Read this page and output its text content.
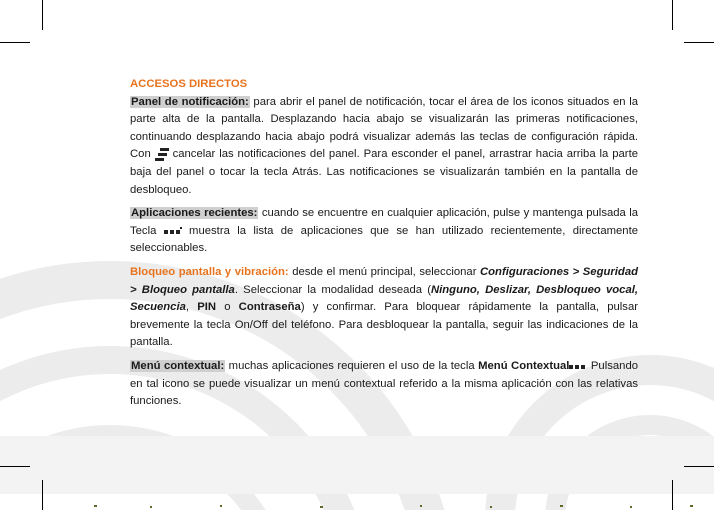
ACCESOS DIRECTOS

Panel de notificación: para abrir el panel de notificación, tocar el área de los iconos situados en la parte alta de la pantalla. Desplazando hacia abajo se visualizarán las primeras notificaciones, continuando desplazando hacia abajo podrá visualizar además las teclas de configuración rápida. Con  cancelar las notificaciones del panel. Para esconder el panel, arrastrar hacia arriba la parte baja del panel o tocar la tecla Atrás. Las notificaciones se visualizarán también en la pantalla de desbloqueo.

Aplicaciones recientes: cuando se encuentre en cualquier aplicación, pulse y mantenga pulsada la Tecla  muestra la lista de aplicaciones que se han utilizado recientemente, directamente seleccionables.

Bloqueo pantalla y vibración: desde el menú principal, seleccionar Configuraciones > Seguridad > Bloqueo pantalla. Seleccionar la modalidad deseada (Ninguno, Deslizar, Desbloqueo vocal, Secuencia, PIN o Contraseña) y confirmar. Para bloquear rápidamente la pantalla, pulsar brevemente la tecla On/Off del teléfono. Para desbloquear la pantalla, seguir las indicaciones de la pantalla.

Menú contextual: muchas aplicaciones requieren el uso de la tecla Menú Contextual Pulsando en tal icono se puede visualizar un menú contextual referido a la misma aplicación con las relativas funciones.
